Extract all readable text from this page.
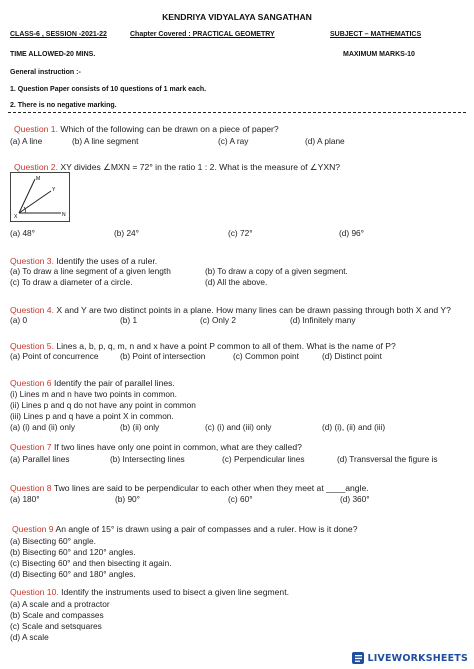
KENDRIYA VIDYALAYA SANGATHAN
CLASS-6 , SESSION -2021-22	Chapter Covered : PRACTICAL GEOMETRY	SUBJECT – MATHEMATICS
TIME ALLOWED-20 MINS.	MAXIMUM MARKS-10
General instruction :-
1. Question Paper consists of 10 questions of 1 mark each.
2. There is no negative marking.
Question 1. Which of the following can be drawn on a piece of paper?
(a) A line	(b) A line segment	(c) A ray	(d) A plane
Question 2. XY divides ∠MXN = 72° in the ratio 1 : 2. What is the measure of ∠YXN?
M
Y
N
X
(a) 48°	(b) 24°	(c) 72°	(d) 96°
Question 3. Identify the uses of a ruler.
(a) To draw a line segment of a given length	(b) To draw a copy of a given segment.
(c) To draw a diameter of a circle.	(d) All the above.
Question 4. X and Y are two distinct points in a plane. How many lines can be drawn passing through both X and Y?
(a) 0	(b) 1	(c) Only 2	(d) Infinitely many
Question 5. Lines a, b, p, q, m, n and x have a point P common to all of them. What is the name of P?
(a) Point of concurrence	(b) Point of intersection	(c) Common point	(d) Distinct point
Question 6 Identify the pair of parallel lines.
(i) Lines m and n have two points in common.
(ii) Lines p and q do not have any point in common
(iii) Lines p and q have a point X in common.
(a) (i) and (ii) only	(b) (ii) only	(c) (i) and (iii) only	(d) (i), (ii) and (iii)
Question 7 If two lines have only one point in common, what are they called?
(a) Parallel lines	(b) Intersecting lines	(c) Perpendicular lines	(d) Transversal the figure is
Question 8 Two lines are said to be perpendicular to each other when they meet at ____angle.
(a) 180°	(b) 90°	(c) 60°	(d) 360°
Question 9 An angle of 15° is drawn using a pair of compasses and a ruler. How is it done?
(a) Bisecting 60° angle.
(b) Bisecting 60° and 120° angles.
(c) Bisecting 60° and then bisecting it again.
(d) Bisecting 60° and 180° angles.
Question 10. Identify the instruments used to bisect a given line segment.
(a) A scale and a protractor
(b) Scale and compasses
(c) Scale and setsquares
(d) A scale
LIVEWORKSHEETS
